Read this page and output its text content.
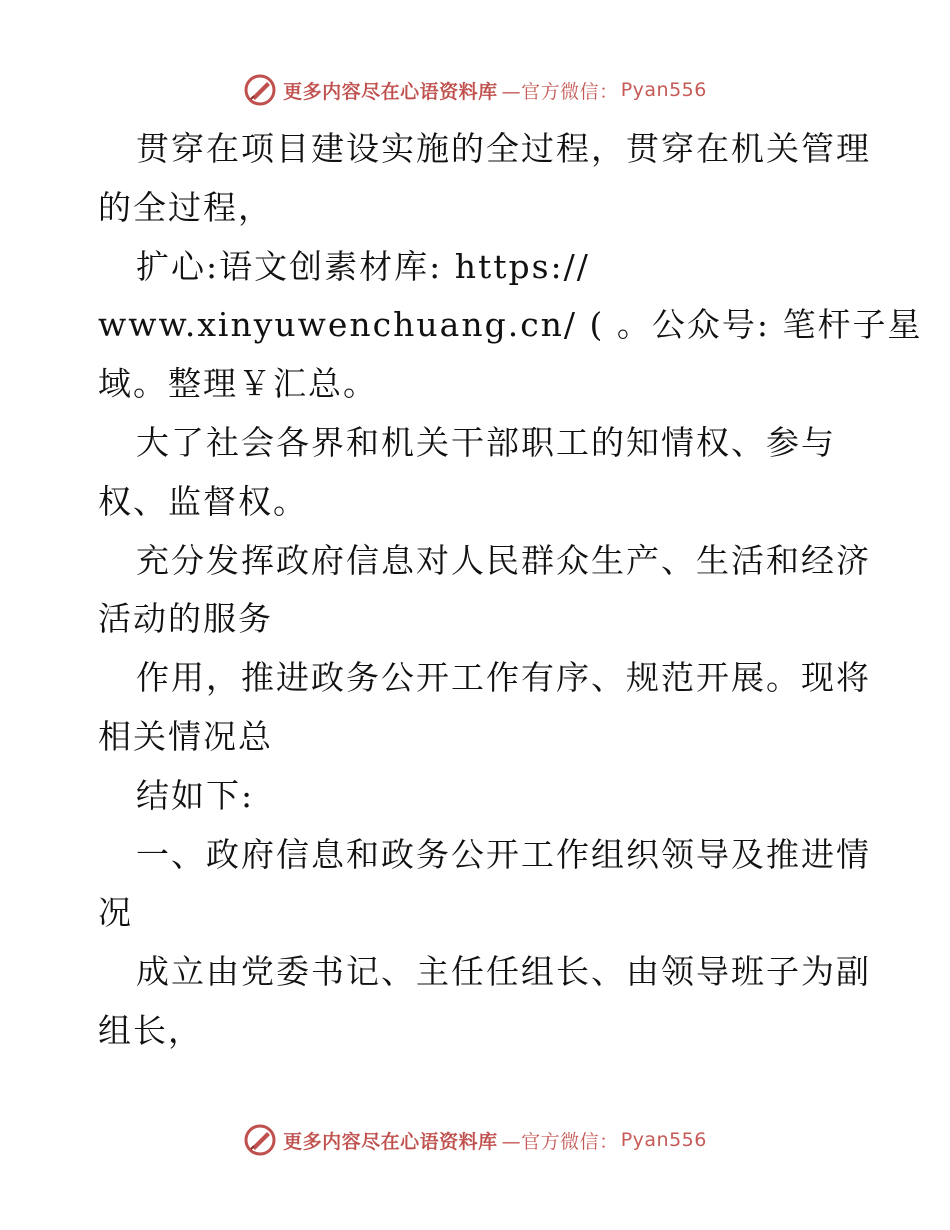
更多内容尽在心语资料库 —官方微信： Pyan556

贯穿在项目建设实施的全过程，贯穿在机关管理

的全过程，

扩心:语文创素材库: https://

www.xinyuwenchuang.cn/ ( 。公众号: 笔杆子星

域。整理￥汇总。

大了社会各界和机关干部职工的知情权、参与

权、监督权。

充分发挥政府信息对人民群众生产、生活和经济

活动的服务

作用，推进政务公开工作有序、规范开展。现将

相关情况总

结如下:

一、政府信息和政务公开工作组织领导及推进情

况

成立由党委书记、主任任组长、由领导班子为副

组长，

更多内容尽在心语资料库 —官方微信： Pyan556
